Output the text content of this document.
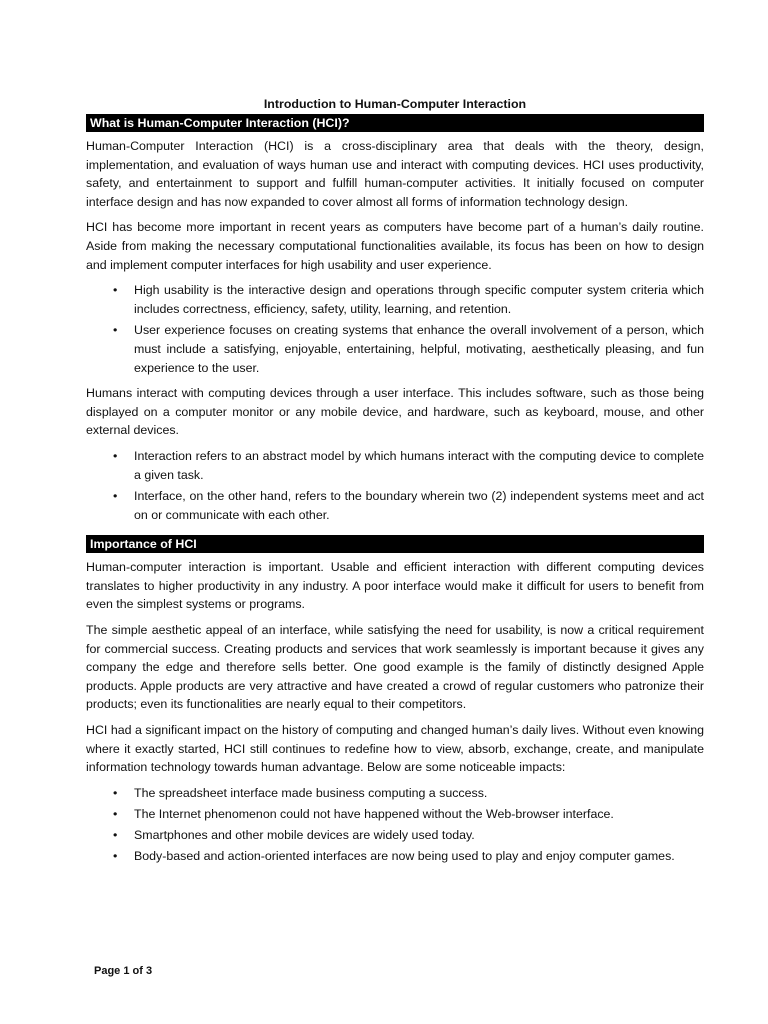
Introduction to Human-Computer Interaction
What is Human-Computer Interaction (HCI)?

Human-Computer Interaction (HCI) is a cross-disciplinary area that deals with the theory, design, implementation, and evaluation of ways human use and interact with computing devices. HCI uses productivity, safety, and entertainment to support and fulfill human-computer activities. It initially focused on computer interface design and has now expanded to cover almost all forms of information technology design.

HCI has become more important in recent years as computers have become part of a human’s daily routine. Aside from making the necessary computational functionalities available, its focus has been on how to design and implement computer interfaces for high usability and user experience.

• High usability is the interactive design and operations through specific computer system criteria which includes correctness, efficiency, safety, utility, learning, and retention.
• User experience focuses on creating systems that enhance the overall involvement of a person, which must include a satisfying, enjoyable, entertaining, helpful, motivating, aesthetically pleasing, and fun experience to the user.

Humans interact with computing devices through a user interface. This includes software, such as those being displayed on a computer monitor or any mobile device, and hardware, such as keyboard, mouse, and other external devices.

• Interaction refers to an abstract model by which humans interact with the computing device to complete a given task.
• Interface, on the other hand, refers to the boundary wherein two (2) independent systems meet and act on or communicate with each other.
Importance of HCI

Human-computer interaction is important. Usable and efficient interaction with different computing devices translates to higher productivity in any industry. A poor interface would make it difficult for users to benefit from even the simplest systems or programs.

The simple aesthetic appeal of an interface, while satisfying the need for usability, is now a critical requirement for commercial success. Creating products and services that work seamlessly is important because it gives any company the edge and therefore sells better. One good example is the family of distinctly designed Apple products. Apple products are very attractive and have created a crowd of regular customers who patronize their products; even its functionalities are nearly equal to their competitors.

HCI had a significant impact on the history of computing and changed human’s daily lives. Without even knowing where it exactly started, HCI still continues to redefine how to view, absorb, exchange, create, and manipulate information technology towards human advantage. Below are some noticeable impacts:

• The spreadsheet interface made business computing a success.
• The Internet phenomenon could not have happened without the Web-browser interface.
• Smartphones and other mobile devices are widely used today.
• Body-based and action-oriented interfaces are now being used to play and enjoy computer games.
Page 1 of 3
